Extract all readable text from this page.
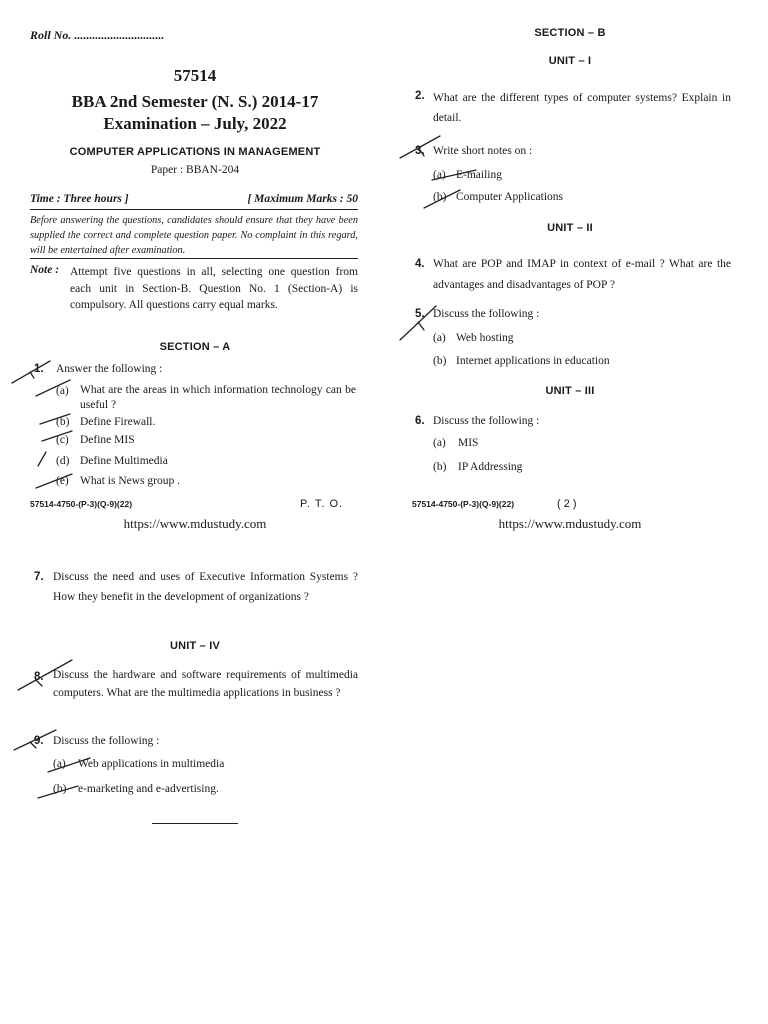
Roll No. ..............................
57514
BBA 2nd Semester (N. S.) 2014-17
Examination – July, 2022
COMPUTER APPLICATIONS IN MANAGEMENT
Paper : BBAN-204
Time : Three hours ]	[ Maximum Marks : 50
Before answering the questions, candidates should ensure that they have been supplied the correct and complete question paper. No complaint in this regard, will be entertained after examination.
Note : Attempt five questions in all, selecting one question from each unit in Section-B. Question No. 1 (Section-A) is compulsory. All questions carry equal marks.
SECTION – A
1. Answer the following :
(a) What are the areas in which information technology can be useful ?
(b) Define Firewall.
(c) Define MIS
(d) Define Multimedia
(e) What is News group .
57514-4750-(P-3)(Q-9)(22)	P. T. O.
https://www.mdustudy.com
SECTION – B
UNIT – I
2. What are the different types of computer systems? Explain in detail.
3. Write short notes on :
(a) E-mailing
(b) Computer Applications
UNIT – II
4. What are POP and IMAP in context of e-mail ? What are the advantages and disadvantages of POP ?
5. Discuss the following :
(a) Web hosting
(b) Internet applications in education
UNIT – III
6. Discuss the following :
(a) MIS
(b) IP Addressing
57514-4750-(P-3)(Q-9)(22)	( 2 )
https://www.mdustudy.com
7. Discuss the need and uses of Executive Information Systems ? How they benefit in the development of organizations ?
UNIT – IV
8. Discuss the hardware and software requirements of multimedia computers. What are the multimedia applications in business ?
9. Discuss the following :
(a) Web applications in multimedia
(b) e-marketing and e-advertising.
